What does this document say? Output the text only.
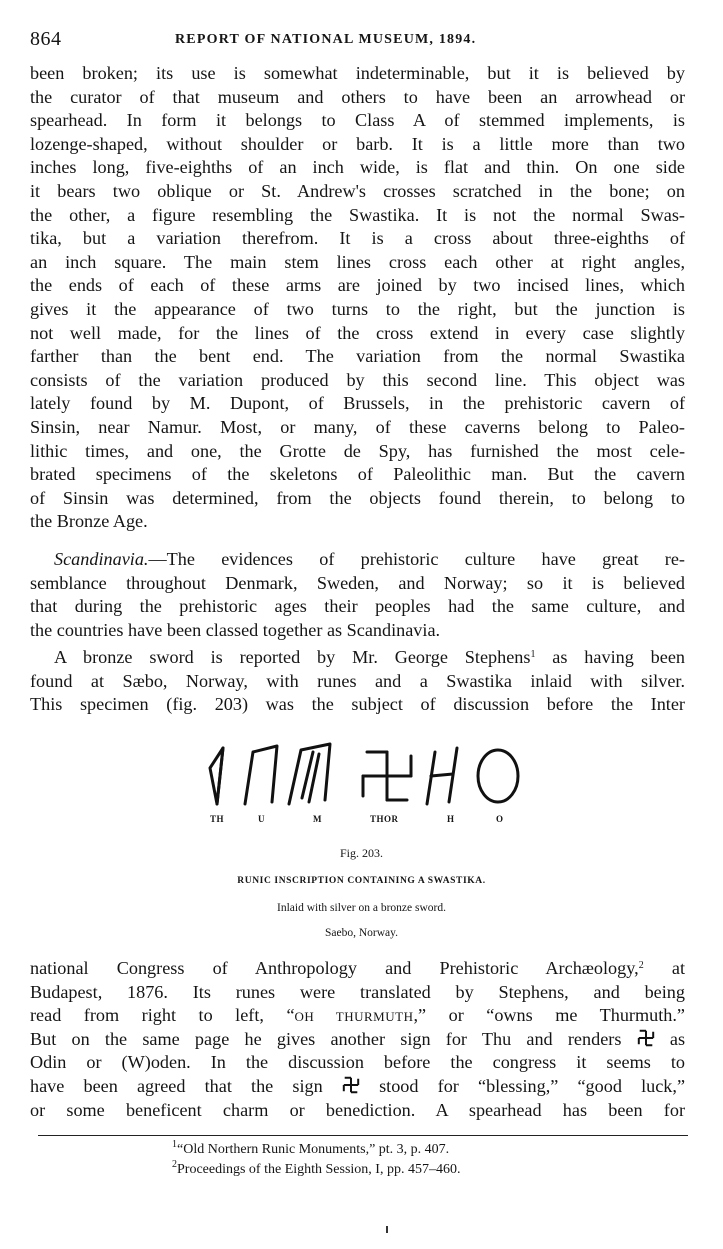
864	REPORT OF NATIONAL MUSEUM, 1894.
been broken; its use is somewhat indeterminable, but it is believed by
the curator of that museum and others to have been an arrowhead or
spearhead. In form it belongs to Class A of stemmed implements, is
lozenge-shaped, without shoulder or barb. It is a little more than two
inches long, five-eighths of an inch wide, is flat and thin. On one side
it bears two oblique or St. Andrew's crosses scratched in the bone; on
the other, a figure resembling the Swastika. It is not the normal Swas-
tika, but a variation therefrom. It is a cross about three-eighths of
an inch square. The main stem lines cross each other at right angles,
the ends of each of these arms are joined by two incised lines, which
gives it the appearance of two turns to the right, but the junction is
not well made, for the lines of the cross extend in every case slightly
farther than the bent end. The variation from the normal Swastika
consists of the variation produced by this second line. This object was
lately found by M. Dupont, of Brussels, in the prehistoric cavern of
Sinsin, near Namur. Most, or many, of these caverns belong to Paleo-
lithic times, and one, the Grotte de Spy, has furnished the most cele-
brated specimens of the skeletons of Paleolithic man. But the cavern
of Sinsin was determined, from the objects found therein, to belong to
the Bronze Age.
Scandinavia.—The evidences of prehistoric culture have great re-
semblance throughout Denmark, Sweden, and Norway; so it is believed
that during the prehistoric ages their peoples had the same culture, and
the countries have been classed together as Scandinavia.
A bronze sword is reported by Mr. George Stephens$^1$ as having been
found at Sæbo, Norway, with runes and a Swastika inlaid with silver.
This specimen (fig. 203) was the subject of discussion before the Inter
TH	U	M	THOR	H	O
Fig. 203.
RUNIC INSCRIPTION CONTAINING A SWASTIKA.
Inlaid with silver on a bronze sword.
Saebo, Norway.
national Congress of Anthropology and Prehistoric Archæology,$^2$ at
Budapest, 1876. Its runes were translated by Stephens, and being
read from right to left, “OH THURMUTH,” or “owns me Thurmuth.”
But on the same page he gives another sign for Thu and renders	as
Odin or (W)oden. In the discussion before the congress it seems to
have been agreed that the sign	stood for “blessing,” “good luck,”
or some beneficent charm or benediction. A spearhead has been for
$^1$“Old Northern Runic Monuments,” pt. 3, p. 407.
$^2$Proceedings of the Eighth Session, I, pp. 457–460.
